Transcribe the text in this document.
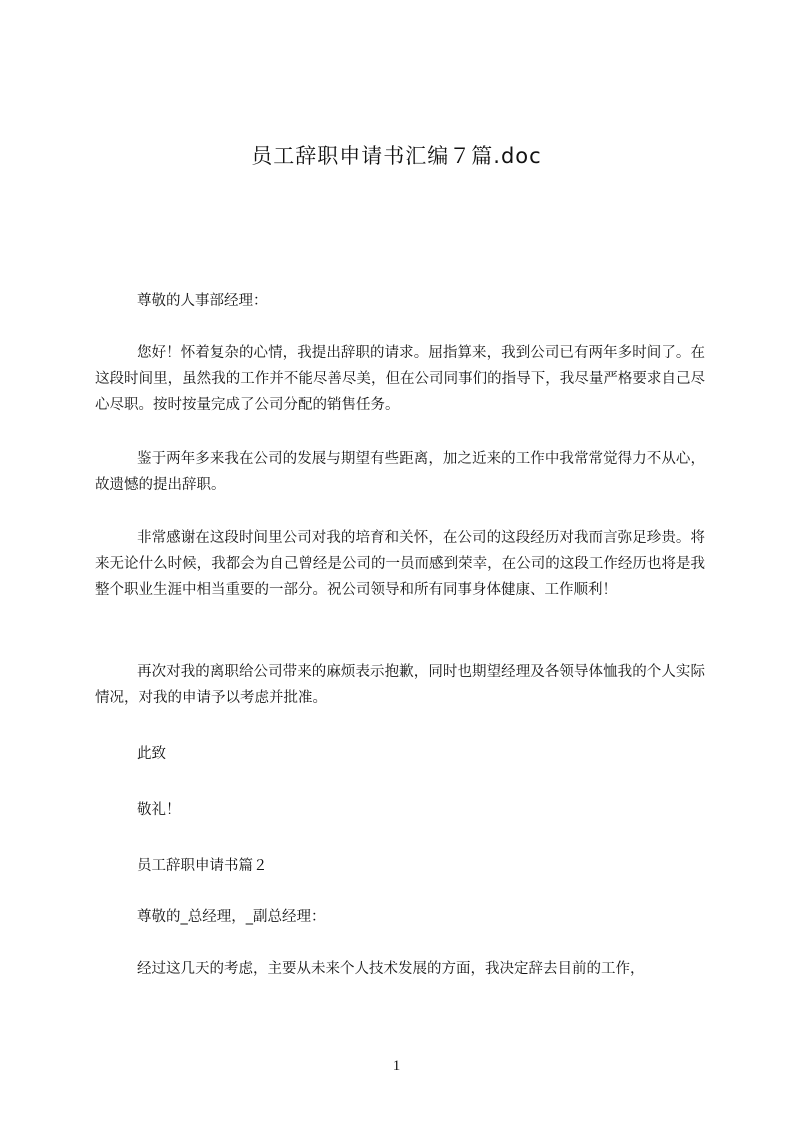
员工辞职申请书汇编７篇.doc
尊敬的人事部经理：
您好！怀着复杂的心情，我提出辞职的请求。屈指算来，我到公司已有两年多时间了。在这段时间里，虽然我的工作并不能尽善尽美，但在公司同事们的指导下，我尽量严格要求自己尽心尽职。按时按量完成了公司分配的销售任务。
鉴于两年多来我在公司的发展与期望有些距离，加之近来的工作中我常常觉得力不从心，故遗憾的提出辞职。
非常感谢在这段时间里公司对我的培育和关怀，在公司的这段经历对我而言弥足珍贵。将来无论什么时候，我都会为自己曾经是公司的一员而感到荣幸，在公司的这段工作经历也将是我整个职业生涯中相当重要的一部分。祝公司领导和所有同事身体健康、工作顺利！
再次对我的离职给公司带来的麻烦表示抱歉，同时也期望经理及各领导体恤我的个人实际情况，对我的申请予以考虑并批准。
此致
敬礼！
员工辞职申请书篇２
尊敬的_总经理，_副总经理：
经过这几天的考虑，主要从未来个人技术发展的方面，我决定辞去目前的工作，
1
